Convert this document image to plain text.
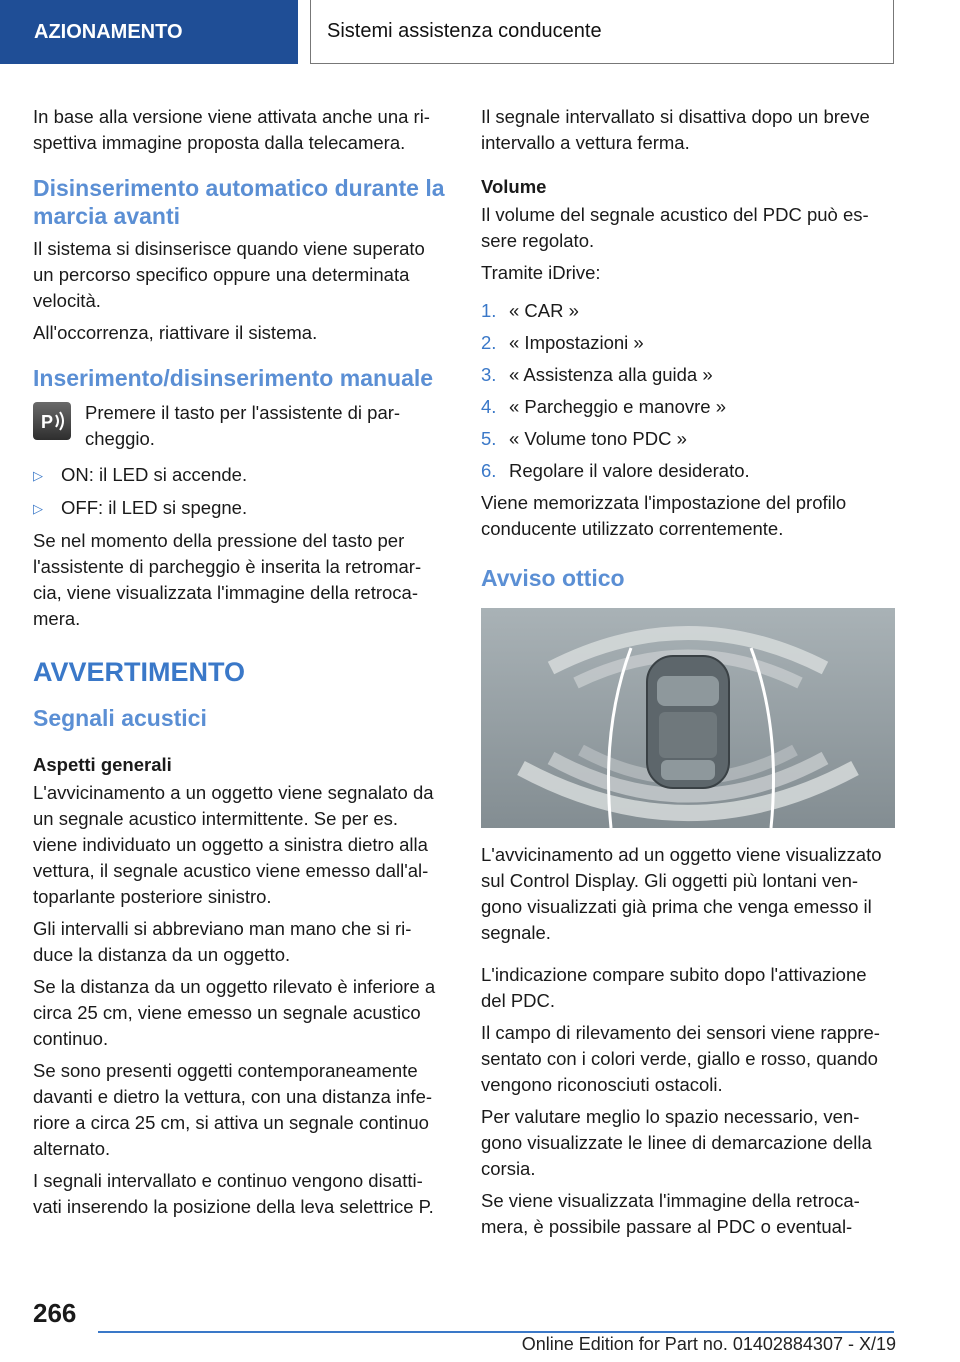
AZIONAMENTO	Sistemi assistenza conducente

In base alla versione viene attivata anche una ri-spettiva immagine proposta dalla telecamera.

Disinserimento automatico durante la marcia avanti

Il sistema si disinserisce quando viene superato un percorso specifico oppure una determinata velocità.

All'occorrenza, riattivare il sistema.

Inserimento/disinserimento manuale
P Premere il tasto per l'assistente di par-cheggio.
▷ ON: il LED si accende.
▷ OFF: il LED si spegne.

Se nel momento della pressione del tasto per l'assistente di parcheggio è inserita la retromar-cia, viene visualizzata l'immagine della retroca-mera.

AVVERTIMENTO
Segnali acustici
Aspetti generali

L'avvicinamento a un oggetto viene segnalato da un segnale acustico intermittente. Se per es. viene individuato un oggetto a sinistra dietro alla vettura, il segnale acustico viene emesso dall'al-toparlante posteriore sinistro.

Gli intervalli si abbreviano man mano che si ri-duce la distanza da un oggetto.

Se la distanza da un oggetto rilevato è inferiore a circa 25 cm, viene emesso un segnale acustico continuo.

Se sono presenti oggetti contemporaneamente davanti e dietro la vettura, con una distanza infe-riore a circa 25 cm, si attiva un segnale continuo alternato.

I segnali intervallato e continuo vengono disatti-vati inserendo la posizione della leva selettrice P.

Il segnale intervallato si disattiva dopo un breve intervallo a vettura ferma.

Volume

Il volume del segnale acustico del PDC può es-sere regolato.

Tramite iDrive:

1. « CAR »
2. « Impostazioni »
3. « Assistenza alla guida »
4. « Parcheggio e manovre »
5. « Volume tono PDC »
6. Regolare il valore desiderato.

Viene memorizzata l'impostazione del profilo conducente utilizzato correntemente.

Avviso ottico

L'avvicinamento ad un oggetto viene visualizzato sul Control Display. Gli oggetti più lontani ven-gono visualizzati già prima che venga emesso il segnale.

L'indicazione compare subito dopo l'attivazione del PDC.

Il campo di rilevamento dei sensori viene rappre-sentato con i colori verde, giallo e rosso, quando vengono riconosciuti ostacoli.

Per valutare meglio lo spazio necessario, ven-gono visualizzate le linee di demarcazione della corsia.

Se viene visualizzata l'immagine della retroca-mera, è possibile passare al PDC o eventual-

266
Online Edition for Part no. 01402884307 - X/19
